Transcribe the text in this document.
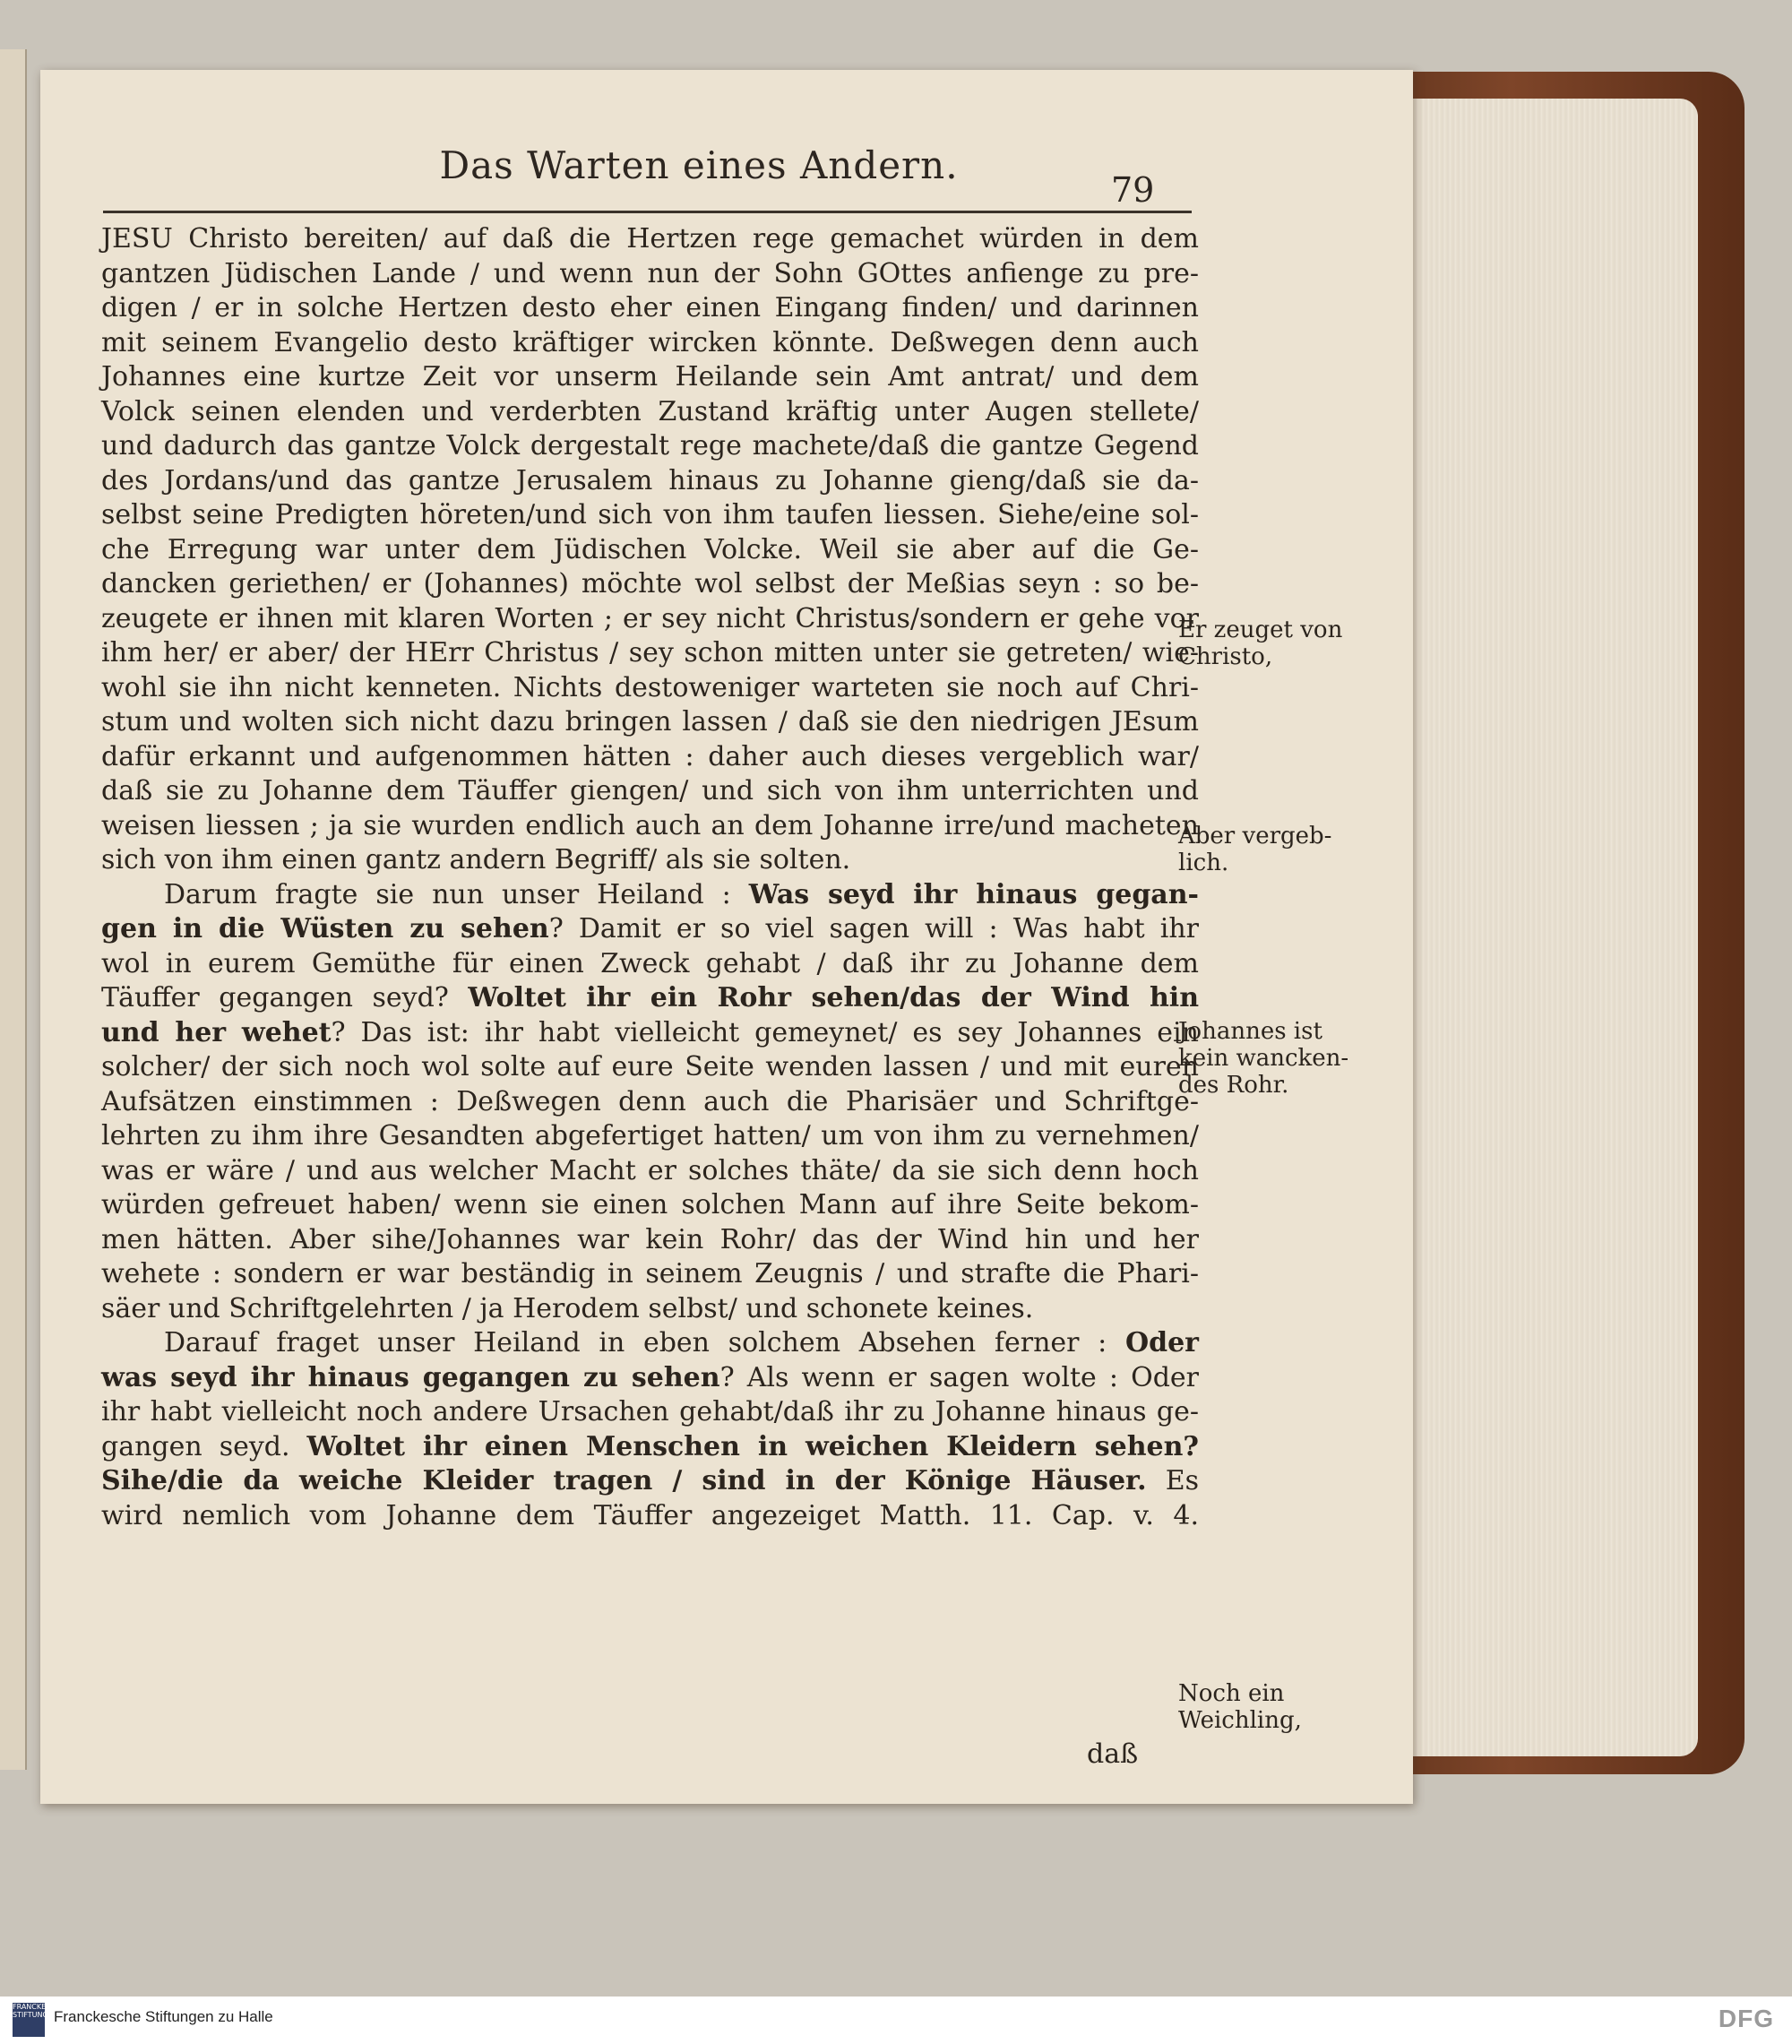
Das Warten eines Andern.
79
JESU Christo bereiten/ auf daß die Hertzen rege gemachet würden in dem
gantzen Jüdischen Lande / und wenn nun der Sohn GOttes anfienge zu pre-
digen / er in solche Hertzen desto eher einen Eingang finden/ und darinnen
mit seinem Evangelio desto kräftiger wircken könnte. Deßwegen denn auch
Johannes eine kurtze Zeit vor unserm Heilande sein Amt antrat/ und dem
Volck seinen elenden und verderbten Zustand kräftig unter Augen stellete/
und dadurch das gantze Volck dergestalt rege machete/daß die gantze Gegend
des Jordans/und das gantze Jerusalem hinaus zu Johanne gieng/daß sie da-
selbst seine Predigten höreten/und sich von ihm taufen liessen. Siehe/eine sol-
che Erregung war unter dem Jüdischen Volcke. Weil sie aber auf die Ge-
dancken geriethen/ er (Johannes) möchte wol selbst der Meßias seyn : so be-
zeugete er ihnen mit klaren Worten ; er sey nicht Christus/sondern er gehe vor
ihm her/ er aber/ der HErr Christus / sey schon mitten unter sie getreten/ wie-
wohl sie ihn nicht kenneten. Nichts destoweniger warteten sie noch auf Chri-
stum und wolten sich nicht dazu bringen lassen / daß sie den niedrigen JEsum
dafür erkannt und aufgenommen hätten : daher auch dieses vergeblich war/
daß sie zu Johanne dem Täuffer giengen/ und sich von ihm unterrichten und
weisen liessen ; ja sie wurden endlich auch an dem Johanne irre/und macheten
sich von ihm einen gantz andern Begriff/ als sie solten.
Darum fragte sie nun unser Heiland : Was seyd ihr hinaus gegan-
gen in die Wüsten zu sehen? Damit er so viel sagen will : Was habt ihr
wol in eurem Gemüthe für einen Zweck gehabt / daß ihr zu Johanne dem
Täuffer gegangen seyd? Woltet ihr ein Rohr sehen/das der Wind hin
und her wehet? Das ist: ihr habt vielleicht gemeynet/ es sey Johannes ein
solcher/ der sich noch wol solte auf eure Seite wenden lassen / und mit euren
Aufsätzen einstimmen : Deßwegen denn auch die Pharisäer und Schriftge-
lehrten zu ihm ihre Gesandten abgefertiget hatten/ um von ihm zu vernehmen/
was er wäre / und aus welcher Macht er solches thäte/ da sie sich denn hoch
würden gefreuet haben/ wenn sie einen solchen Mann auf ihre Seite bekom-
men hätten. Aber sihe/Johannes war kein Rohr/ das der Wind hin und her
wehete : sondern er war beständig in seinem Zeugnis / und strafte die Phari-
säer und Schriftgelehrten / ja Herodem selbst/ und schonete keines.
Darauf fraget unser Heiland in eben solchem Absehen ferner : Oder
was seyd ihr hinaus gegangen zu sehen? Als wenn er sagen wolte : Oder
ihr habt vielleicht noch andere Ursachen gehabt/daß ihr zu Johanne hinaus ge-
gangen seyd. Woltet ihr einen Menschen in weichen Kleidern sehen?
Sihe/die da weiche Kleider tragen / sind in der Könige Häuser. Es
wird nemlich vom Johanne dem Täuffer angezeiget Matth. 11. Cap. v. 4.
daß
Er zeuget von Christo,
Aber vergeb-lich.
Johannes ist kein wancken-des Rohr.
Noch ein Weichling,
FRANCKESCHE STIFTUNGEN
Franckesche Stiftungen zu Halle	DFG
